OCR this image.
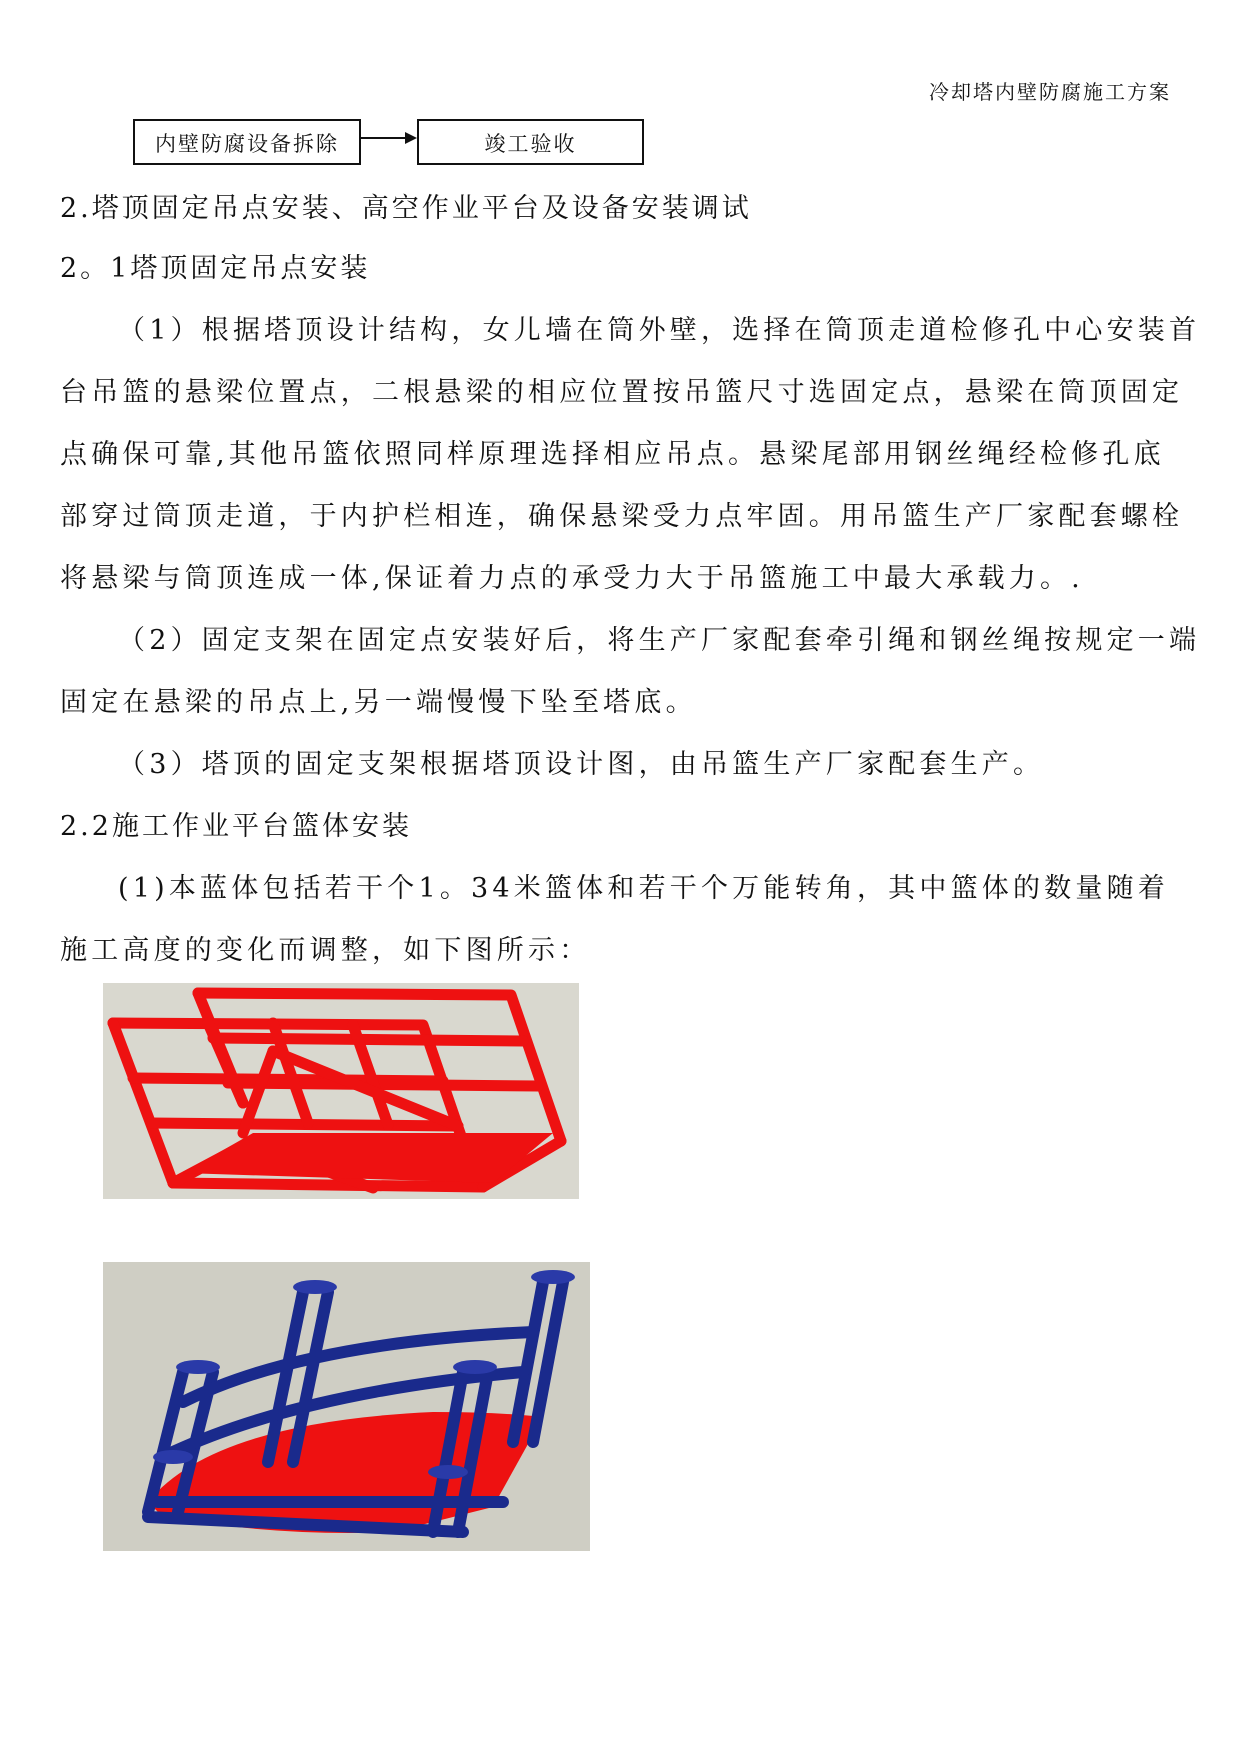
冷却塔内壁防腐施工方案
内壁防腐设备拆除	竣工验收
2.塔顶固定吊点安装、高空作业平台及设备安装调试
2。1塔顶固定吊点安装
（1）根据塔顶设计结构，女儿墙在筒外壁，选择在筒顶走道检修孔中心安装首
台吊篮的悬梁位置点，二根悬梁的相应位置按吊篮尺寸选固定点，悬梁在筒顶固定
点确保可靠,其他吊篮依照同样原理选择相应吊点。悬梁尾部用钢丝绳经检修孔底
部穿过筒顶走道，于内护栏相连，确保悬梁受力点牢固。用吊篮生产厂家配套螺栓
将悬梁与筒顶连成一体,保证着力点的承受力大于吊篮施工中最大承载力。.
（2）固定支架在固定点安装好后，将生产厂家配套牵引绳和钢丝绳按规定一端
固定在悬梁的吊点上,另一端慢慢下坠至塔底。
（3）塔顶的固定支架根据塔顶设计图，由吊篮生产厂家配套生产。
2.2施工作业平台篮体安装
(1)本蓝体包括若干个1。34米篮体和若干个万能转角，其中篮体的数量随着
施工高度的变化而调整，如下图所示：
